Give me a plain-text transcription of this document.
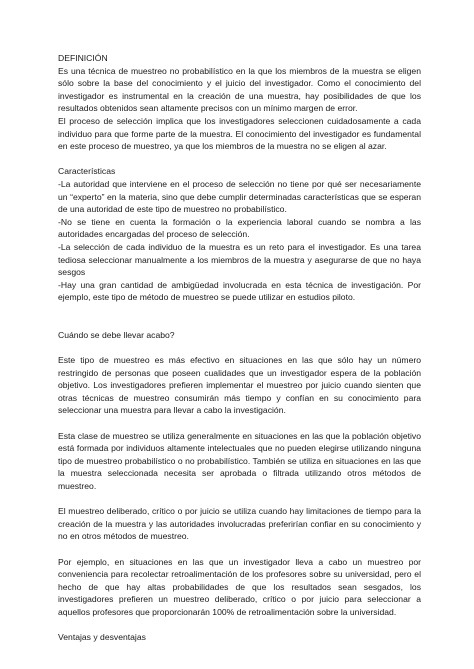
DEFINICIÓN

Es una técnica de muestreo no probabilístico en la que los miembros de la muestra se eligen sólo sobre la base del conocimiento y el juicio del investigador. Como el conocimiento del investigador es instrumental en la creación de una muestra, hay posibilidades de que los resultados obtenidos sean altamente precisos con un mínimo margen de error.

El proceso de selección implica que los investigadores seleccionen cuidadosamente a cada individuo para que forme parte de la muestra. El conocimiento del investigador es fundamental en este proceso de muestreo, ya que los miembros de la muestra no se eligen al azar.

Características

-La autoridad que interviene en el proceso de selección no tiene por qué ser necesariamente un “experto” en la materia, sino que debe cumplir determinadas características que se esperan de una autoridad de este tipo de muestreo no probabilístico.

-No se tiene en cuenta la formación o la experiencia laboral cuando se nombra a las autoridades encargadas del proceso de selección.

-La selección de cada individuo de la muestra es un reto para el investigador. Es una tarea tediosa seleccionar manualmente a los miembros de la muestra y asegurarse de que no haya sesgos

-Hay una gran cantidad de ambigüedad involucrada en esta técnica de investigación. Por ejemplo, este tipo de método de muestreo se puede utilizar en estudios piloto.

Cuándo se debe llevar acabo?

Este tipo de muestreo es más efectivo en situaciones en las que sólo hay un número restringido de personas que poseen cualidades que un investigador espera de la población objetivo. Los investigadores prefieren implementar el muestreo por juicio cuando sienten que otras técnicas de muestreo consumirán más tiempo y confían en su conocimiento para seleccionar una muestra para llevar a cabo la investigación.

Esta clase de muestreo se utiliza generalmente en situaciones en las que la población objetivo está formada por individuos altamente intelectuales que no pueden elegirse utilizando ninguna tipo de muestreo probabilístico o no probabilístico. También se utiliza en situaciones en las que la muestra seleccionada necesita ser aprobada o filtrada utilizando otros métodos de muestreo.

El muestreo deliberado, crítico o por juicio se utiliza cuando hay limitaciones de tiempo para la creación de la muestra y las autoridades involucradas preferirían confiar en su conocimiento y no en otros métodos de muestreo.

Por ejemplo, en situaciones en las que un investigador lleva a cabo un muestreo por conveniencia para recolectar retroalimentación de los profesores sobre su universidad, pero el hecho de que hay altas probabilidades de que los resultados sean sesgados, los investigadores prefieren un muestreo deliberado, crítico o por juicio para seleccionar a aquellos profesores que proporcionarán 100% de retroalimentación sobre la universidad.

Ventajas y desventajas
